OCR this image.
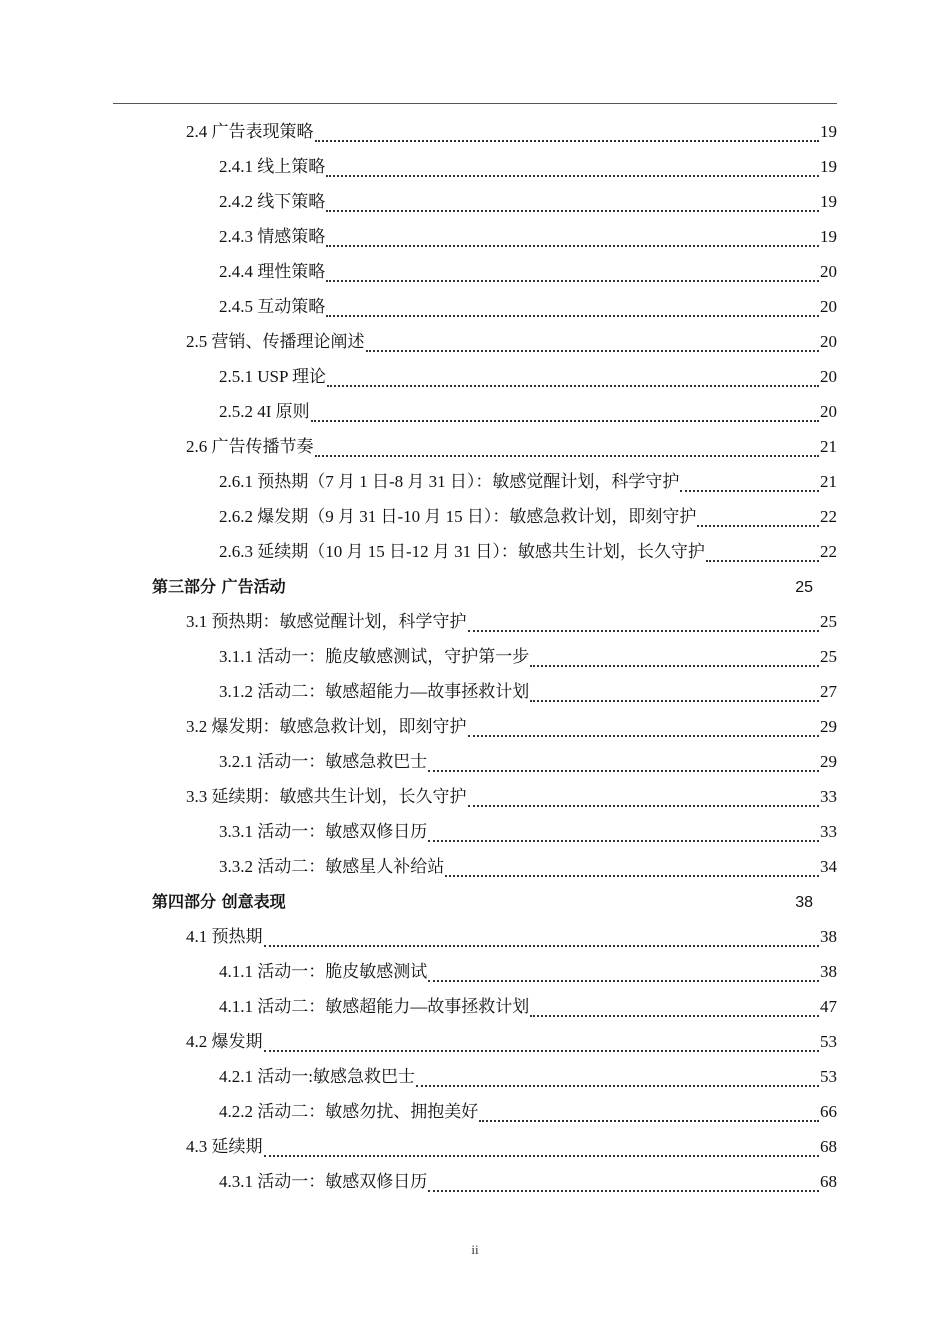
2.4 广告表现策略	19
2.4.1 线上策略	19
2.4.2 线下策略	19
2.4.3 情感策略	19
2.4.4 理性策略	20
2.4.5 互动策略	20
2.5 营销、传播理论阐述	20
2.5.1 USP 理论	20
2.5.2 4I 原则	20
2.6 广告传播节奏	21
2.6.1 预热期（7 月 1 日-8 月 31 日）：敏感觉醒计划，科学守护	21
2.6.2 爆发期（9 月 31 日-10 月 15 日）：敏感急救计划，即刻守护	22
2.6.3 延续期（10 月 15 日-12 月 31 日）：敏感共生计划，长久守护	22
第三部分 广告活动	25
3.1 预热期：敏感觉醒计划，科学守护	25
3.1.1 活动一：脆皮敏感测试，守护第一步	25
3.1.2 活动二：敏感超能力—故事拯救计划	27
3.2 爆发期：敏感急救计划，即刻守护	29
3.2.1 活动一：敏感急救巴士	29
3.3 延续期：敏感共生计划，长久守护	33
3.3.1 活动一：敏感双修日历	33
3.3.2 活动二：敏感星人补给站	34
第四部分 创意表现	38
4.1 预热期	38
4.1.1 活动一：脆皮敏感测试	38
4.1.1 活动二：敏感超能力—故事拯救计划	47
4.2 爆发期	53
4.2.1 活动一:敏感急救巴士	53
4.2.2 活动二：敏感勿扰、拥抱美好	66
4.3 延续期	68
4.3.1 活动一：敏感双修日历	68
ii
